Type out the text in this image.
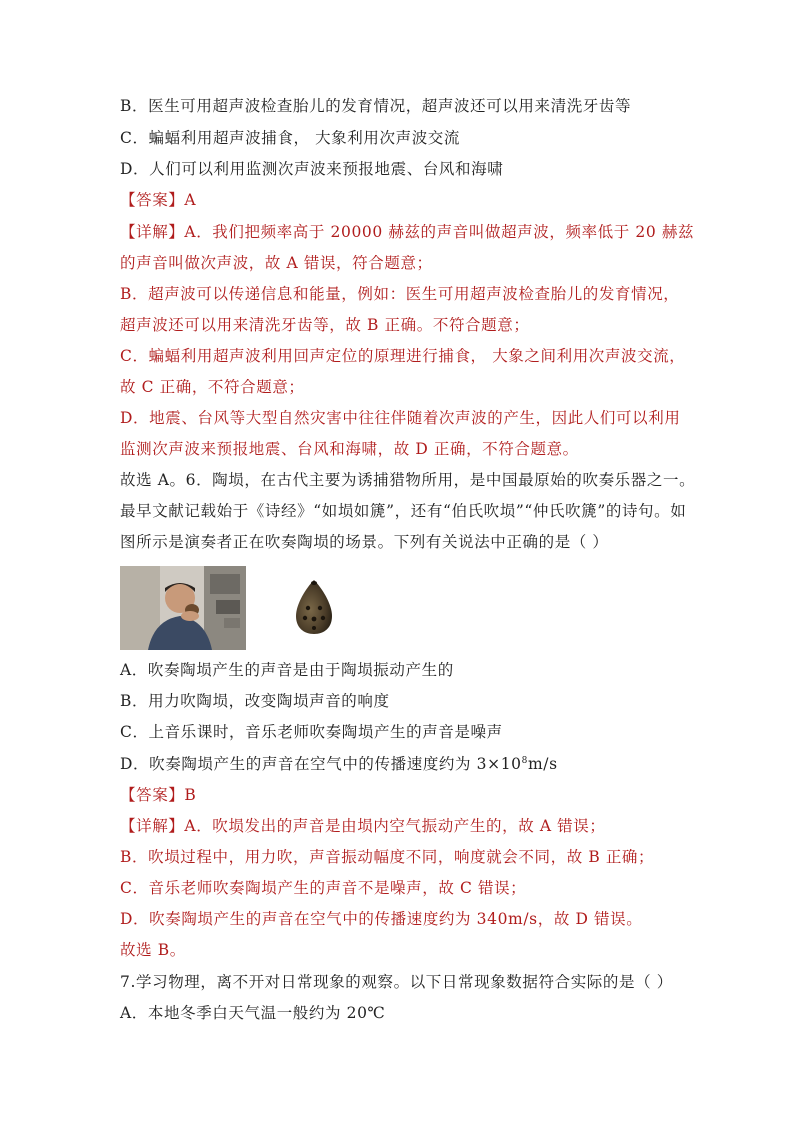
B．医生可用超声波检查胎儿的发育情况，超声波还可以用来清洗牙齿等
C．蝙蝠利用超声波捕食， 大象利用次声波交流
D．人们可以利用监测次声波来预报地震、台风和海啸
【答案】A
【详解】A．我们把频率高于 20000 赫兹的声音叫做超声波，频率低于 20 赫兹
的声音叫做次声波，故 A 错误，符合题意；
B．超声波可以传递信息和能量，例如：医生可用超声波检查胎儿的发育情况，
超声波还可以用来清洗牙齿等，故 B 正确。不符合题意；
C．蝙蝠利用超声波利用回声定位的原理进行捕食， 大象之间利用次声波交流，
故 C 正确，不符合题意；
D．地震、台风等大型自然灾害中往往伴随着次声波的产生，因此人们可以利用
监测次声波来预报地震、台风和海啸，故 D 正确，不符合题意。
故选 A。6．陶埙，在古代主要为诱捕猎物所用，是中国最原始的吹奏乐器之一。
最早文献记载始于《诗经》“如埙如篪”，还有“伯氏吹埙”“仲氏吹篪”的诗句。如
图所示是演奏者正在吹奏陶埙的场景。下列有关说法中正确的是（ ）
A．吹奏陶埙产生的声音是由于陶埙振动产生的
B．用力吹陶埙，改变陶埙声音的响度
C．上音乐课时，音乐老师吹奏陶埙产生的声音是噪声
D．吹奏陶埙产生的声音在空气中的传播速度约为 $3\times 10^8m/s$
【答案】B
【详解】A．吹埙发出的声音是由埙内空气振动产生的，故 A 错误；
B．吹埙过程中，用力吹，声音振动幅度不同，响度就会不同，故 B 正确；
C．音乐老师吹奏陶埙产生的声音不是噪声，故 C 错误；
D．吹奏陶埙产生的声音在空气中的传播速度约为 340m/s，故 D 错误。
故选 B。
7.学习物理，离不开对日常现象的观察。以下日常现象数据符合实际的是（ ）
A．本地冬季白天气温一般约为 20℃
